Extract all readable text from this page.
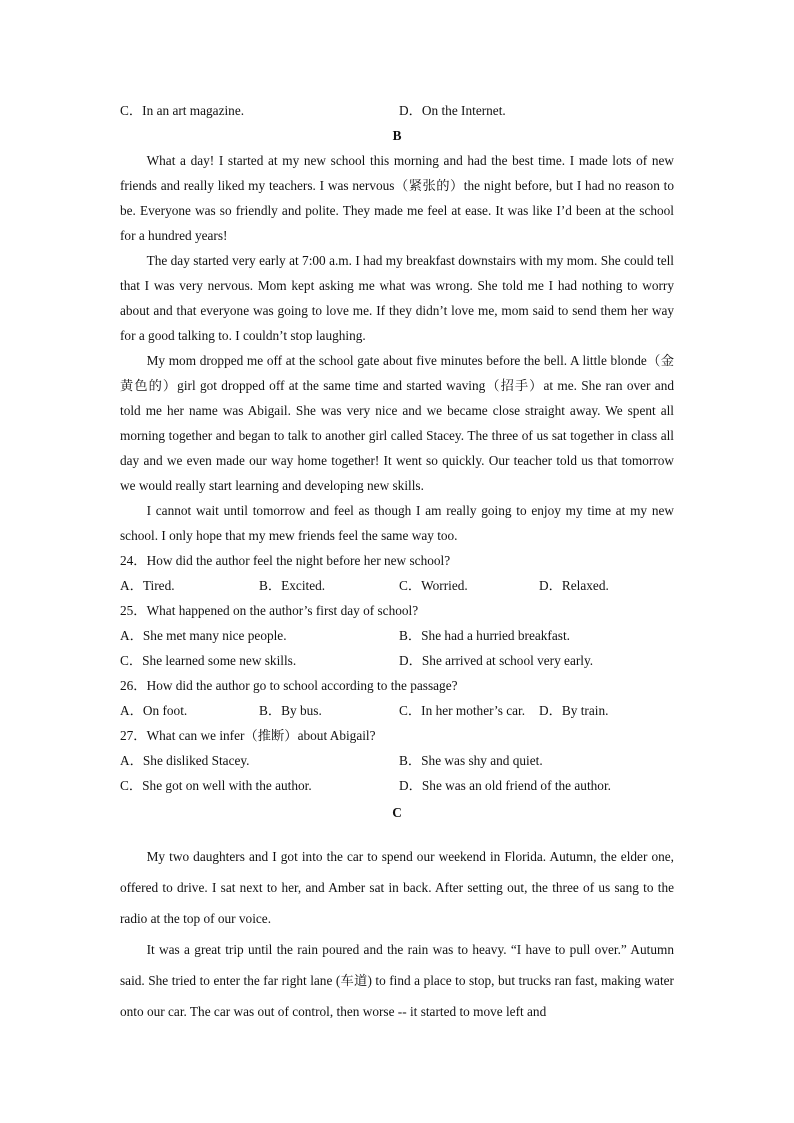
C．In an art magazine.	D．On the Internet.
B

What a day! I started at my new school this morning and had the best time. I made lots of new friends and really liked my teachers. I was nervous（紧张的）the night before, but I had no reason to be. Everyone was so friendly and polite. They made me feel at ease. It was like I’d been at the school for a hundred years!

The day started very early at 7:00 a.m. I had my breakfast downstairs with my mom. She could tell that I was very nervous. Mom kept asking me what was wrong. She told me I had nothing to worry about and that everyone was going to love me. If they didn’t love me, mom said to send them her way for a good talking to. I couldn’t stop laughing.

My mom dropped me off at the school gate about five minutes before the bell. A little blonde（金黄色的）girl got dropped off at the same time and started waving（招手）at me. She ran over and told me her name was Abigail. She was very nice and we became close straight away. We spent all morning together and began to talk to another girl called Stacey. The three of us sat together in class all day and we even made our way home together! It went so quickly. Our teacher told us that tomorrow we would really start learning and developing new skills.

I cannot wait until tomorrow and feel as though I am really going to enjoy my time at my new school. I only hope that my mew friends feel the same way too.

24．How did the author feel the night before her new school?
A．Tired.	B．Excited.	C．Worried.	D．Relaxed.
25．What happened on the author’s first day of school?
A．She met many nice people.	B．She had a hurried breakfast.
C．She learned some new skills.	D．She arrived at school very early.
26．How did the author go to school according to the passage?
A．On foot.	B．By bus.	C．In her mother’s car.	D．By train.
27．What can we infer（推断）about Abigail?
A．She disliked Stacey.	B．She was shy and quiet.
C．She got on well with the author.	D．She was an old friend of the author.
C

My two daughters and I got into the car to spend our weekend in Florida. Autumn, the elder one, offered to drive. I sat next to her, and Amber sat in back. After setting out, the three of us sang to the radio at the top of our voice.

It was a great trip until the rain poured and the rain was to heavy. “I have to pull over.” Autumn said. She tried to enter the far right lane (车道) to find a place to stop, but trucks ran fast, making water onto our car. The car was out of control, then worse -- it started to move left and
